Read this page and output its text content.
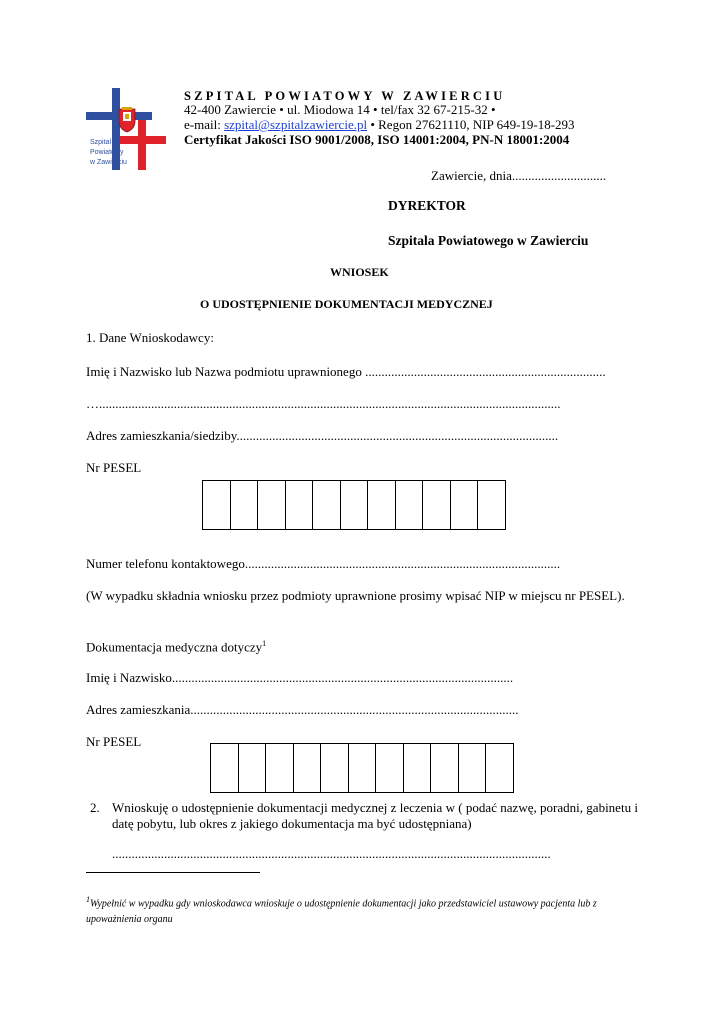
Szpital
Powiatowy
w Zawierciu
SZPITAL POWIATOWY W ZAWIERCIU
42-400 Zawiercie • ul. Miodowa 14 • tel/fax 32 67-215-32 •
e-mail: szpital@szpitalzawiercie.pl • Regon 27621110, NIP 649-19-18-293
Certyfikat Jakości ISO 9001/2008, ISO 14001:2004, PN-N 18001:2004
Zawiercie, dnia.............................
DYREKTOR
Szpitala Powiatowego w Zawierciu
WNIOSEK
O UDOSTĘPNIENIE DOKUMENTACJI MEDYCZNEJ
1. Dane Wnioskodawcy:
Imię i Nazwisko lub Nazwa podmiotu uprawnionego ..........................................................................
…..............................................................................................................................................
Adres zamieszkania/siedziby...................................................................................................
Nr PESEL
Numer telefonu kontaktowego.................................................................................................
(W wypadku składnia wniosku przez podmioty uprawnione prosimy wpisać NIP w miejscu nr PESEL).
Dokumentacja medyczna dotyczy$^1$
Imię i Nazwisko.........................................................................................................
Adres zamieszkania.....................................................................................................
Nr PESEL
2. Wnioskuję o udostępnienie dokumentacji medycznej z leczenia w ( podać nazwę, poradni, gabinetu i datę pobytu, lub okres z jakiego dokumentacja ma być udostępniana)
.......................................................................................................................................
$^1$Wypełnić w wypadku gdy wnioskodawca wnioskuje o udostępnienie dokumentacji jako przedstawiciel ustawowy pacjenta lub z upoważnienia organu
